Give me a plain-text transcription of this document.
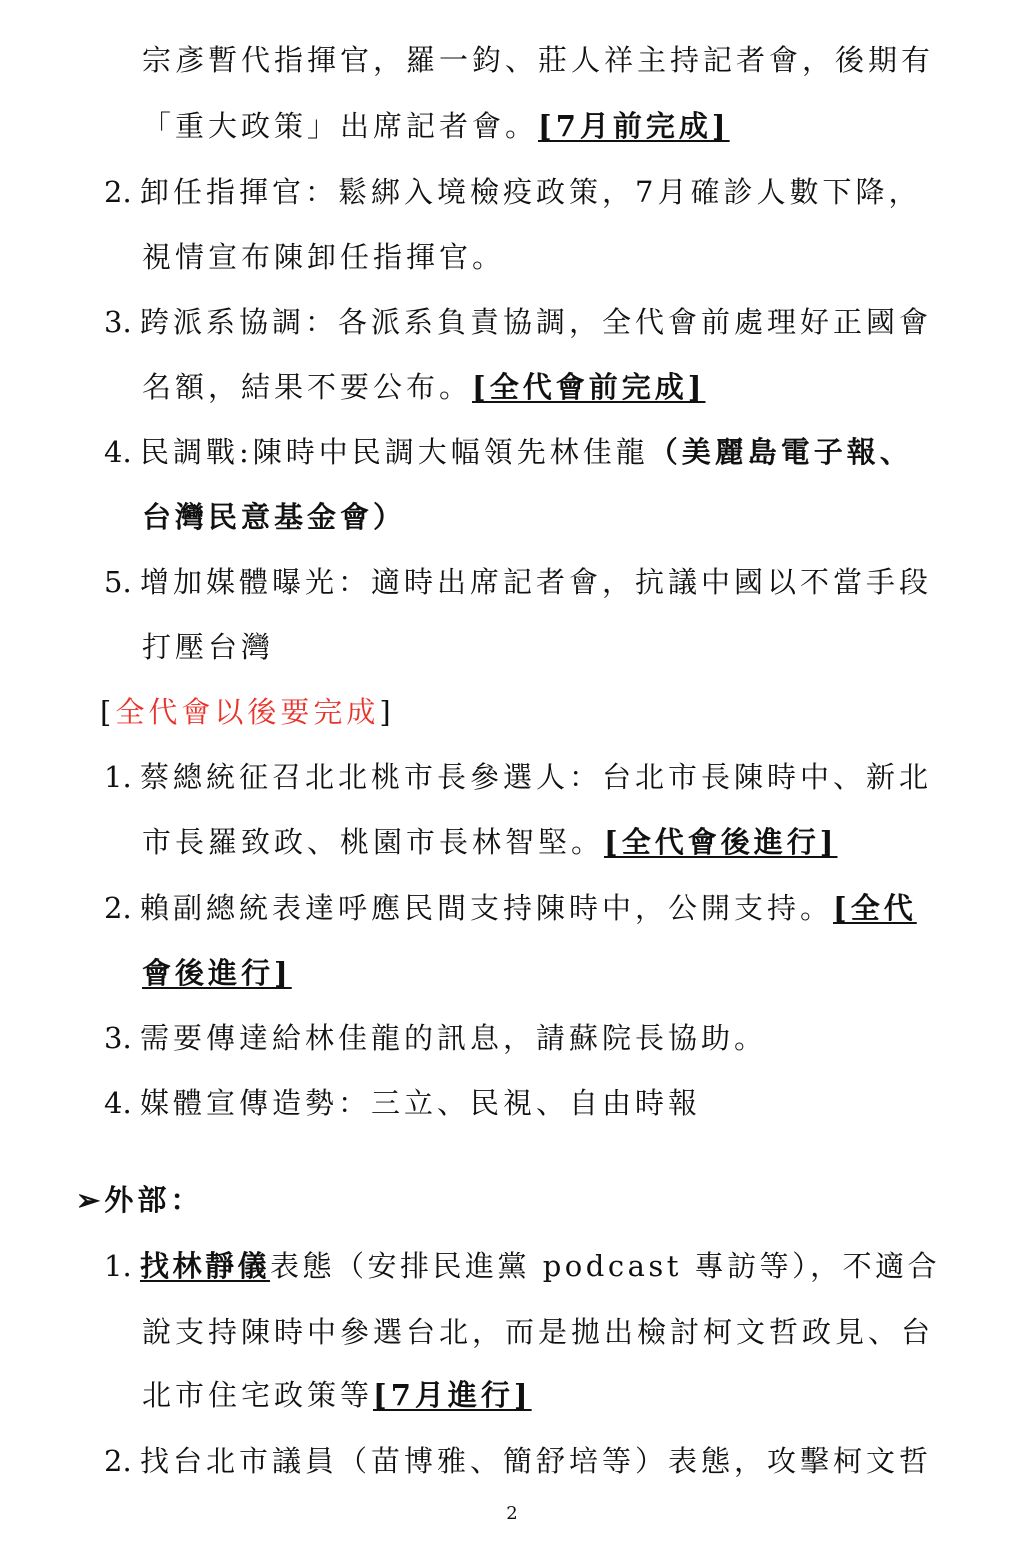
宗彥暫代指揮官，羅一鈞、莊人祥主持記者會，後期有
「重大政策」出席記者會。[7月前完成]
2. 卸任指揮官：鬆綁入境檢疫政策，7月確診人數下降，
視情宣布陳卸任指揮官。
3. 跨派系協調：各派系負責協調，全代會前處理好正國會
名額，結果不要公布。[全代會前完成]
4. 民調戰:陳時中民調大幅領先林佳龍（美麗島電子報、
台灣民意基金會）
5. 增加媒體曝光：適時出席記者會，抗議中國以不當手段
打壓台灣
[全代會以後要完成]
1. 蔡總統征召北北桃市長參選人：台北市長陳時中、新北
市長羅致政、桃園市長林智堅。[全代會後進行]
2. 賴副總統表達呼應民間支持陳時中，公開支持。[全代
會後進行]
3. 需要傳達給林佳龍的訊息，請蘇院長協助。
4. 媒體宣傳造勢：三立、民視、自由時報
➢外部：
1. 找林靜儀表態（安排民進黨 podcast 專訪等），不適合
說支持陳時中參選台北，而是拋出檢討柯文哲政見、台
北市住宅政策等[7月進行]
2. 找台北市議員（苗博雅、簡舒培等）表態，攻擊柯文哲
2
